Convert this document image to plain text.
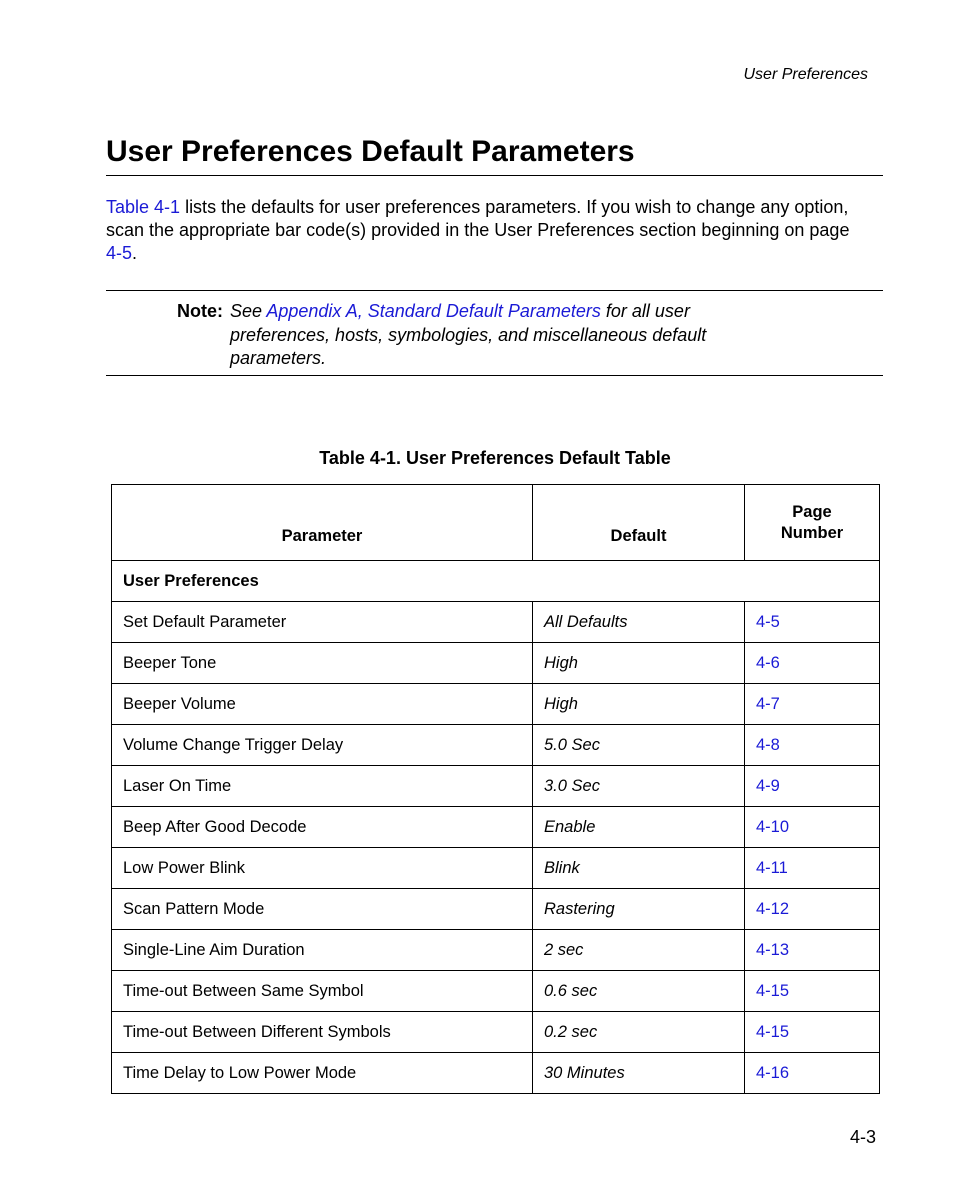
User Preferences
User Preferences Default Parameters

Table 4-1 lists the defaults for user preferences parameters. If you wish to change any option, scan the appropriate bar code(s) provided in the User Preferences section beginning on page 4-5.

Note: See Appendix A, Standard Default Parameters for all user preferences, hosts, symbologies, and miscellaneous default parameters.

Table 4-1. User Preferences Default Table
Parameter	Default	Page
Number
User Preferences		
Set Default Parameter	All Defaults	4-5
Beeper Tone	High	4-6
Beeper Volume	High	4-7
Volume Change Trigger Delay	5.0 Sec	4-8
Laser On Time	3.0 Sec	4-9
Beep After Good Decode	Enable	4-10
Low Power Blink	Blink	4-11
Scan Pattern Mode	Rastering	4-12
Single-Line Aim Duration	2 sec	4-13
Time-out Between Same Symbol	0.6 sec	4-15
Time-out Between Different Symbols	0.2 sec	4-15
Time Delay to Low Power Mode	30 Minutes	4-16
4-3
